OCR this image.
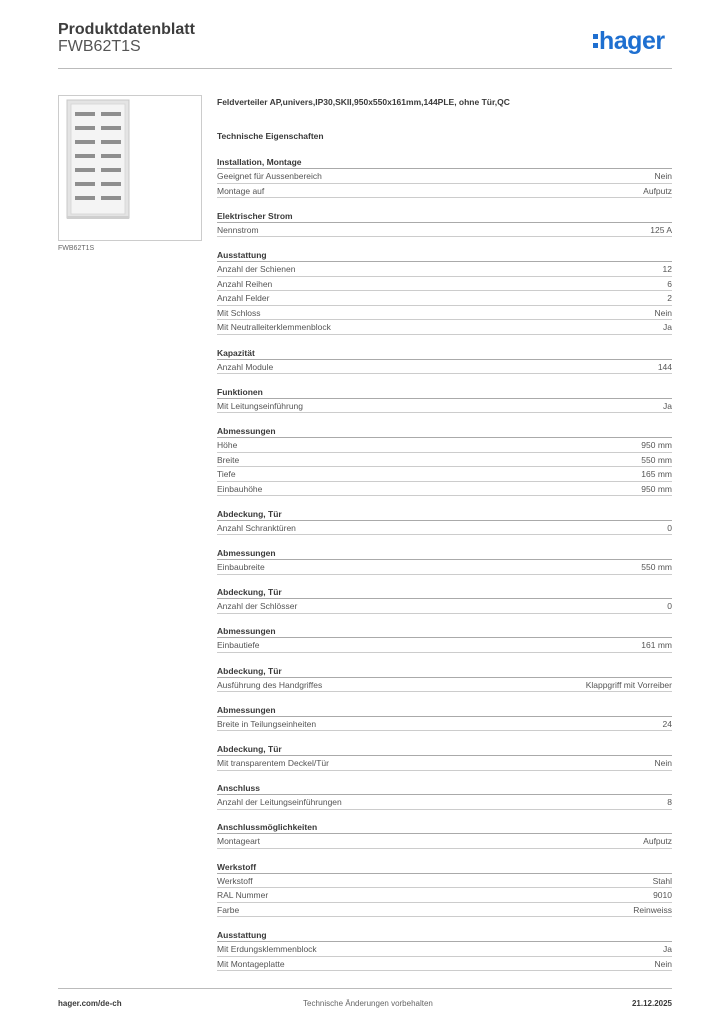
Produktdatenblatt
FWB62T1S	hager
FWB62T1S
Feldverteiler AP,univers,IP30,SKII,950x550x161mm,144PLE, ohne Tür,QC
Technische Eigenschaften
Installation, Montage
Geeignet für Aussenbereich	Nein
Montage auf	Aufputz
Elektrischer Strom
Nennstrom	125 A
Ausstattung
Anzahl der Schienen	12
Anzahl Reihen	6
Anzahl Felder	2
Mit Schloss	Nein
Mit Neutralleiterklemmenblock	Ja
Kapazität
Anzahl Module	144
Funktionen
Mit Leitungseinführung	Ja
Abmessungen
Höhe	950 mm
Breite	550 mm
Tiefe	165 mm
Einbauhöhe	950 mm
Abdeckung, Tür
Anzahl Schranktüren	0
Abmessungen
Einbaubreite	550 mm
Abdeckung, Tür
Anzahl der Schlösser	0
Abmessungen
Einbautiefe	161 mm
Abdeckung, Tür
Ausführung des Handgriffes	Klappgriff mit Vorreiber
Abmessungen
Breite in Teilungseinheiten	24
Abdeckung, Tür
Mit transparentem Deckel/Tür	Nein
Anschluss
Anzahl der Leitungseinführungen	8
Anschlussmöglichkeiten
Montageart	Aufputz
Werkstoff
Werkstoff	Stahl
RAL Nummer	9010
Farbe	Reinweiss
Ausstattung
Mit Erdungsklemmenblock	Ja
Mit Montageplatte	Nein
hager.com/de-ch	Technische Änderungen vorbehalten	21.12.2025
